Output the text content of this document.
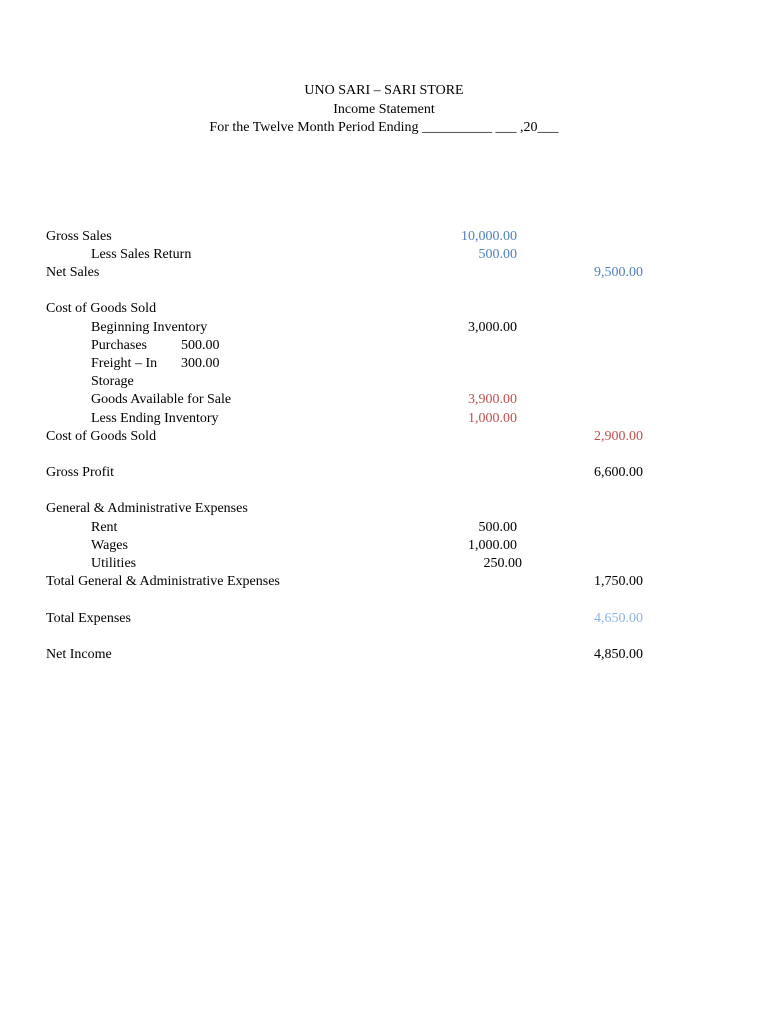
UNO SARI – SARI STORE
Income Statement
For the Twelve Month Period Ending __________ ___ ,20___
Gross Sales	10,000.00
Less Sales Return	500.00
Net Sales	9,500.00
Cost of Goods Sold
Beginning Inventory	3,000.00
Purchases 500.00
Freight – In 300.00
Storage
Goods Available for Sale	3,900.00
Less Ending Inventory	1,000.00
Cost of Goods Sold	2,900.00
Gross Profit	6,600.00
General & Administrative Expenses
Rent	500.00
Wages	1,000.00
Utilities	250.00
Total General & Administrative Expenses	1,750.00
Total Expenses	4,650.00
Net Income	4,850.00
